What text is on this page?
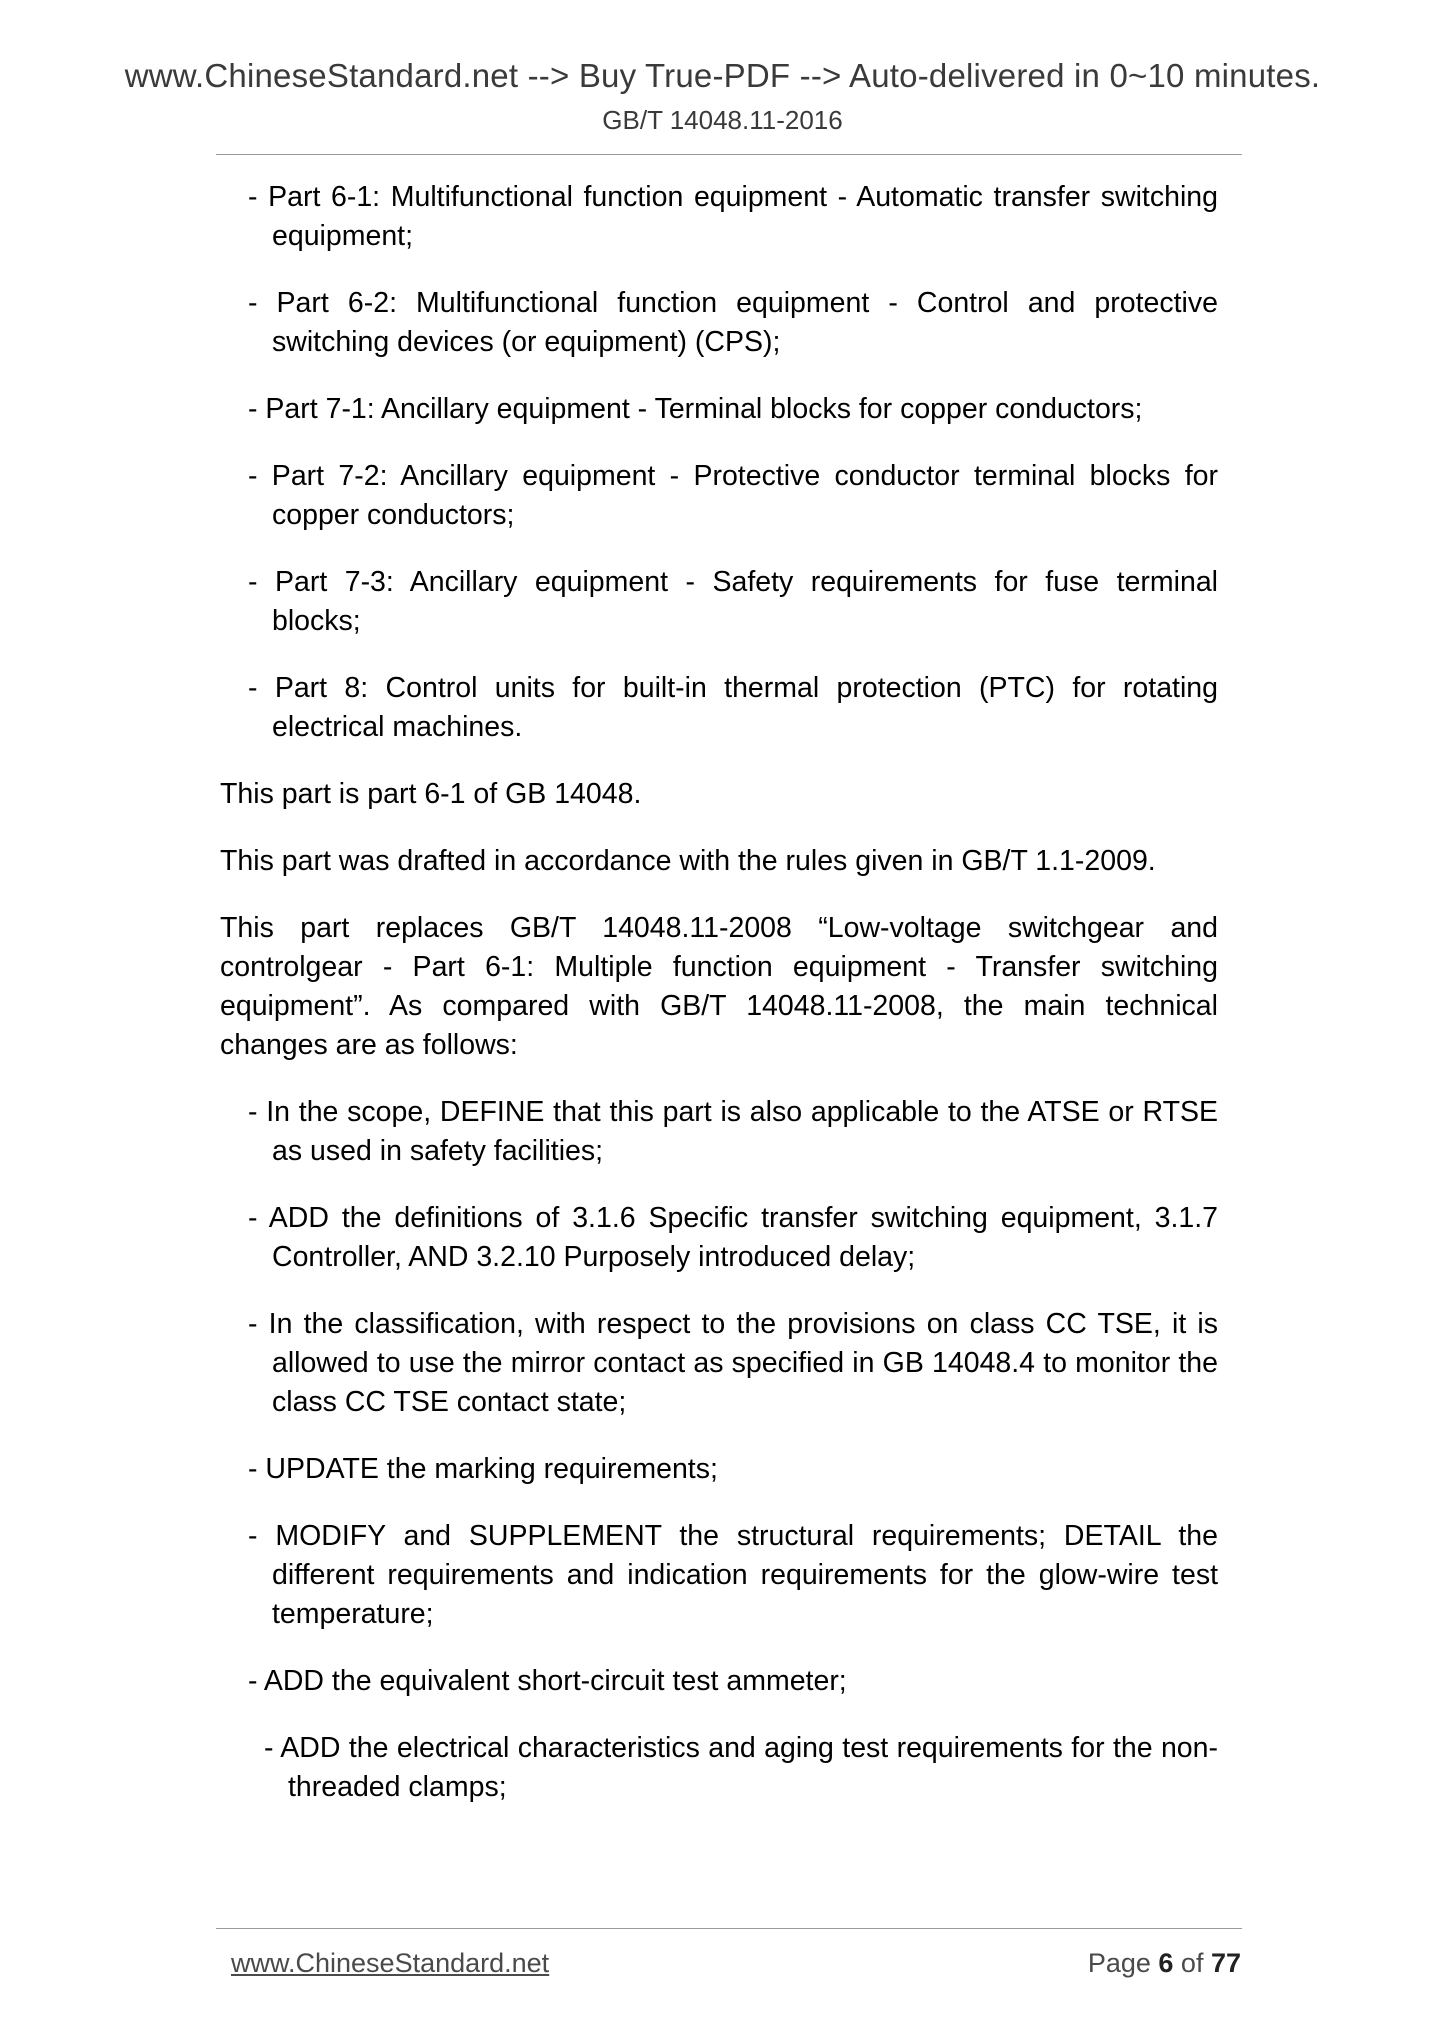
www.ChineseStandard.net --> Buy True-PDF --> Auto-delivered in 0~10 minutes.
GB/T 14048.11-2016
- Part 6-1: Multifunctional function equipment - Automatic transfer switching equipment;
- Part 6-2: Multifunctional function equipment - Control and protective switching devices (or equipment) (CPS);
- Part 7-1: Ancillary equipment - Terminal blocks for copper conductors;
- Part 7-2: Ancillary equipment - Protective conductor terminal blocks for copper conductors;
- Part 7-3: Ancillary equipment - Safety requirements for fuse terminal blocks;
- Part 8: Control units for built-in thermal protection (PTC) for rotating electrical machines.

This part is part 6-1 of GB 14048.

This part was drafted in accordance with the rules given in GB/T 1.1-2009.

This part replaces GB/T 14048.11-2008 “Low-voltage switchgear and controlgear - Part 6-1: Multiple function equipment - Transfer switching equipment”. As compared with GB/T 14048.11-2008, the main technical changes are as follows:

- In the scope, DEFINE that this part is also applicable to the ATSE or RTSE as used in safety facilities;
- ADD the definitions of 3.1.6 Specific transfer switching equipment, 3.1.7 Controller, AND 3.2.10 Purposely introduced delay;
- In the classification, with respect to the provisions on class CC TSE, it is allowed to use the mirror contact as specified in GB 14048.4 to monitor the class CC TSE contact state;
- UPDATE the marking requirements;
- MODIFY and SUPPLEMENT the structural requirements; DETAIL the different requirements and indication requirements for the glow-wire test temperature;
- ADD the equivalent short-circuit test ammeter;
- ADD the electrical characteristics and aging test requirements for the non-threaded clamps;
www.ChineseStandard.net	Page 6 of 77
